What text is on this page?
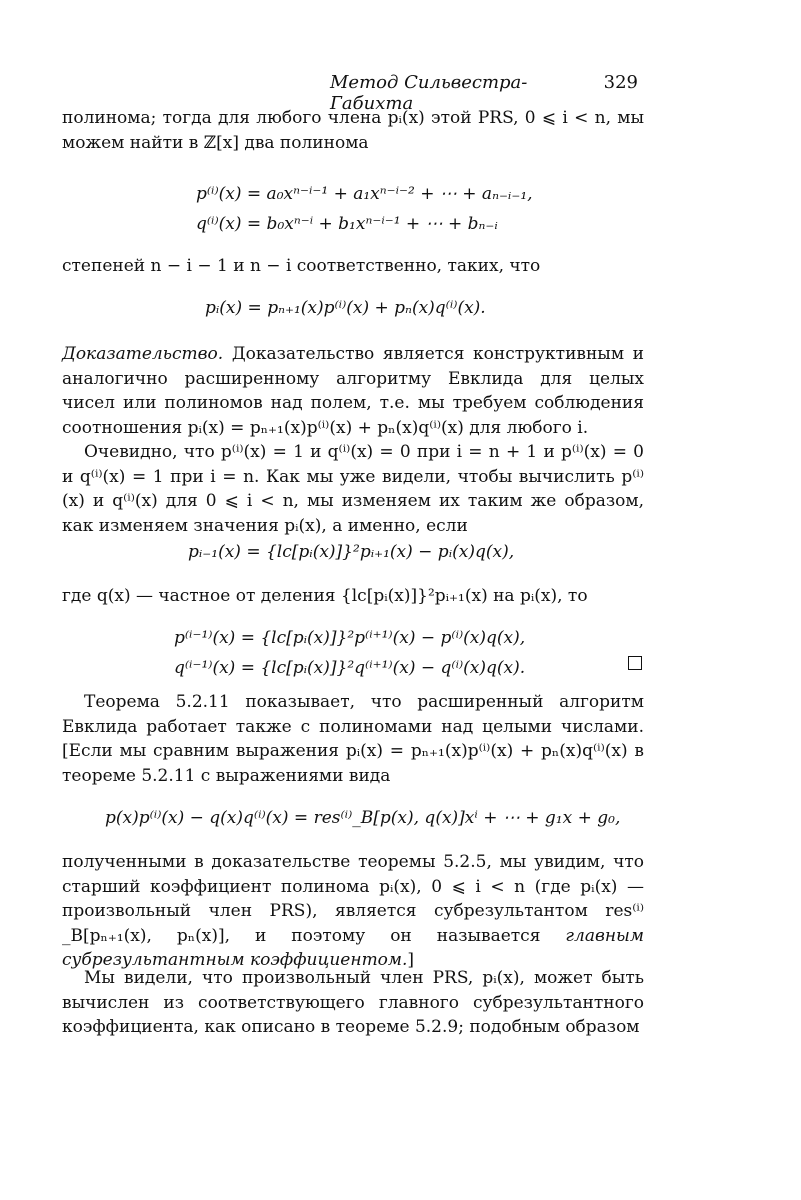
Метод Сильвестра-Габихта
329

полинома; тогда для любого члена pᵢ(x) этой PRS, 0 ⩽ i < n, мы можем найти в ℤ[x] два полинома

p⁽ⁱ⁾(x) = a₀xⁿ⁻ⁱ⁻¹ + a₁xⁿ⁻ⁱ⁻² + ⋯ + aₙ₋ᵢ₋₁,
q⁽ⁱ⁾(x) = b₀xⁿ⁻ⁱ + b₁xⁿ⁻ⁱ⁻¹ + ⋯ + bₙ₋ᵢ

степеней n − i − 1 и n − i соответственно, таких, что

pᵢ(x) = pₙ₊₁(x)p⁽ⁱ⁾(x) + pₙ(x)q⁽ⁱ⁾(x).

Доказательство. Доказательство является конструктивным и аналогично расширенному алгоритму Евклида для целых чисел или полиномов над полем, т.е. мы требуем соблюдения соотношения pᵢ(x) = pₙ₊₁(x)p⁽ⁱ⁾(x) + pₙ(x)q⁽ⁱ⁾(x) для любого i.

Очевидно, что p⁽ⁱ⁾(x) = 1 и q⁽ⁱ⁾(x) = 0 при i = n + 1 и p⁽ⁱ⁾(x) = 0 и q⁽ⁱ⁾(x) = 1 при i = n. Как мы уже видели, чтобы вычислить p⁽ⁱ⁾(x) и q⁽ⁱ⁾(x) для 0 ⩽ i < n, мы изменяем их таким же образом, как изменяем значения pᵢ(x), а именно, если

pᵢ₋₁(x) = {lc[pᵢ(x)]}²pᵢ₊₁(x) − pᵢ(x)q(x),

где q(x) — частное от деления {lc[pᵢ(x)]}²pᵢ₊₁(x) на pᵢ(x), то

p⁽ⁱ⁻¹⁾(x) = {lc[pᵢ(x)]}²p⁽ⁱ⁺¹⁾(x) − p⁽ⁱ⁾(x)q(x),
q⁽ⁱ⁻¹⁾(x) = {lc[pᵢ(x)]}²q⁽ⁱ⁺¹⁾(x) − q⁽ⁱ⁾(x)q(x).

Теорема 5.2.11 показывает, что расширенный алгоритм Евклида работает также с полиномами над целыми числами. [Если мы сравним выражения pᵢ(x) = pₙ₊₁(x)p⁽ⁱ⁾(x) + pₙ(x)q⁽ⁱ⁾(x) в теореме 5.2.11 с выражениями вида

p(x)p⁽ⁱ⁾(x) − q(x)q⁽ⁱ⁾(x) = res⁽ⁱ⁾_B[p(x), q(x)]xⁱ + ⋯ + g₁x + g₀,

полученными в доказательстве теоремы 5.2.5, мы увидим, что старший коэффициент полинома pᵢ(x), 0 ⩽ i < n (где pᵢ(x) — произвольный член PRS), является субрезультантом res⁽ⁱ⁾_B[pₙ₊₁(x), pₙ(x)], и поэтому он называется главным субрезультантным коэффициентом.]

Мы видели, что произвольный член PRS, pᵢ(x), может быть вычислен из соответствующего главного субрезультантного коэффициента, как описано в теореме 5.2.9; подобным образом
